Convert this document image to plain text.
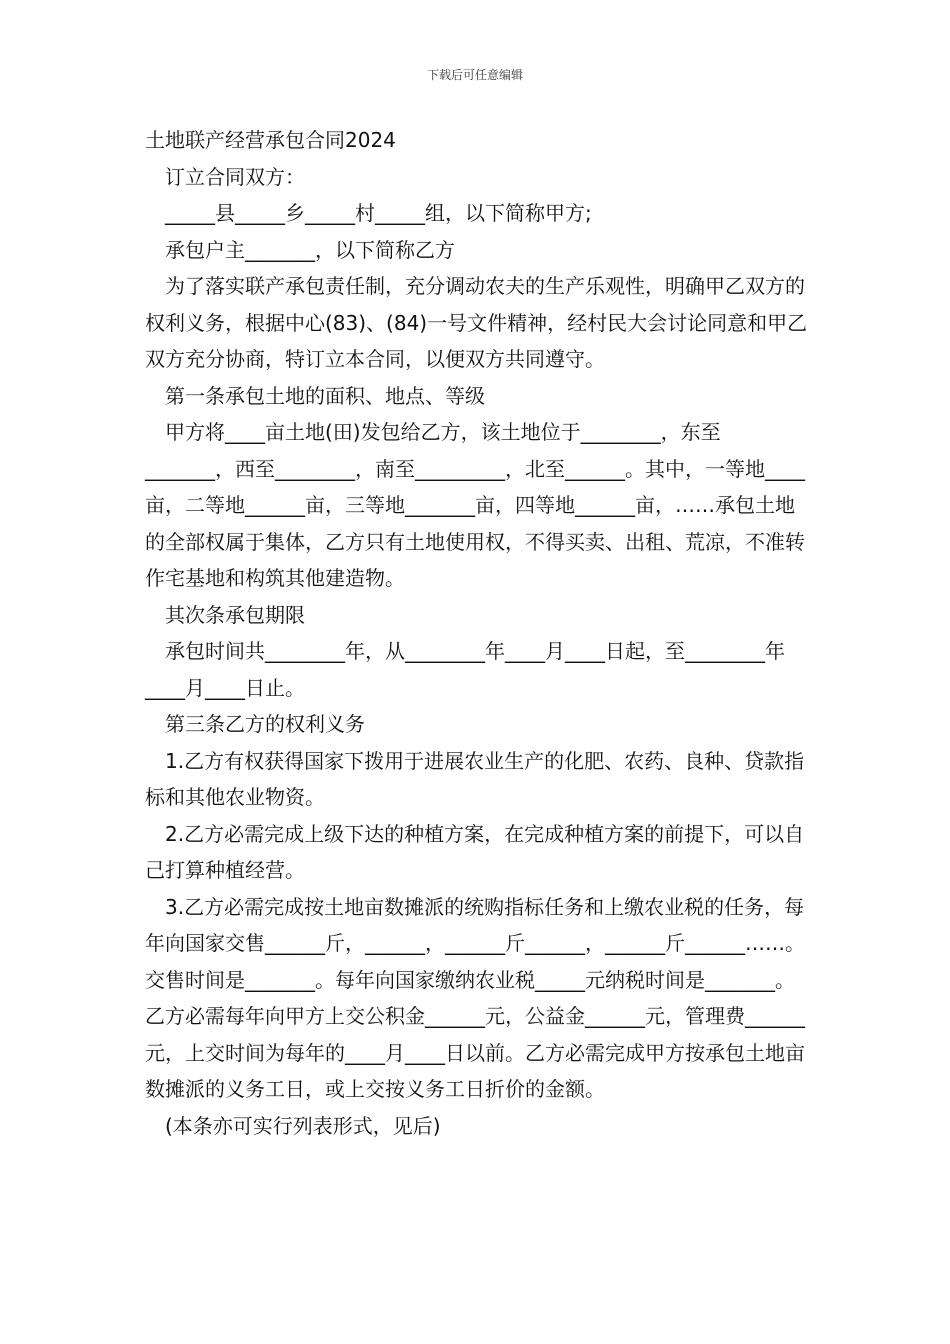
下载后可任意编辑

土地联产经营承包合同2024

订立合同双方：

_____县_____乡_____村_____组，以下简称甲方;

承包户主_______，以下简称乙方

为了落实联产承包责任制，充分调动农夫的生产乐观性，明确甲乙双方的权利义务，根据中心(83)、(84)一号文件精神，经村民大会讨论同意和甲乙双方充分协商，特订立本合同，以便双方共同遵守。

第一条承包土地的面积、地点、等级

甲方将____亩土地(田)发包给乙方，该土地位于________，东至_______，西至________，南至_________，北至______。其中，一等地____亩，二等地______亩，三等地_______亩，四等地______亩，……承包土地的全部权属于集体，乙方只有土地使用权，不得买卖、出租、荒凉，不准转作宅基地和构筑其他建造物。

其次条承包期限

承包时间共________年，从________年____月____日起，至________年____月____日止。

第三条乙方的权利义务

1.乙方有权获得国家下拨用于进展农业生产的化肥、农药、良种、贷款指标和其他农业物资。

2.乙方必需完成上级下达的种植方案，在完成种植方案的前提下，可以自己打算种植经营。

3.乙方必需完成按土地亩数摊派的统购指标任务和上缴农业税的任务，每年向国家交售______斤，______，______斤______，______斤______……。交售时间是_______。每年向国家缴纳农业税_____元纳税时间是_______。乙方必需每年向甲方上交公积金______元，公益金______元，管理费______元，上交时间为每年的____月____日以前。乙方必需完成甲方按承包土地亩数摊派的义务工日，或上交按义务工日折价的金额。

(本条亦可实行列表形式，见后)
